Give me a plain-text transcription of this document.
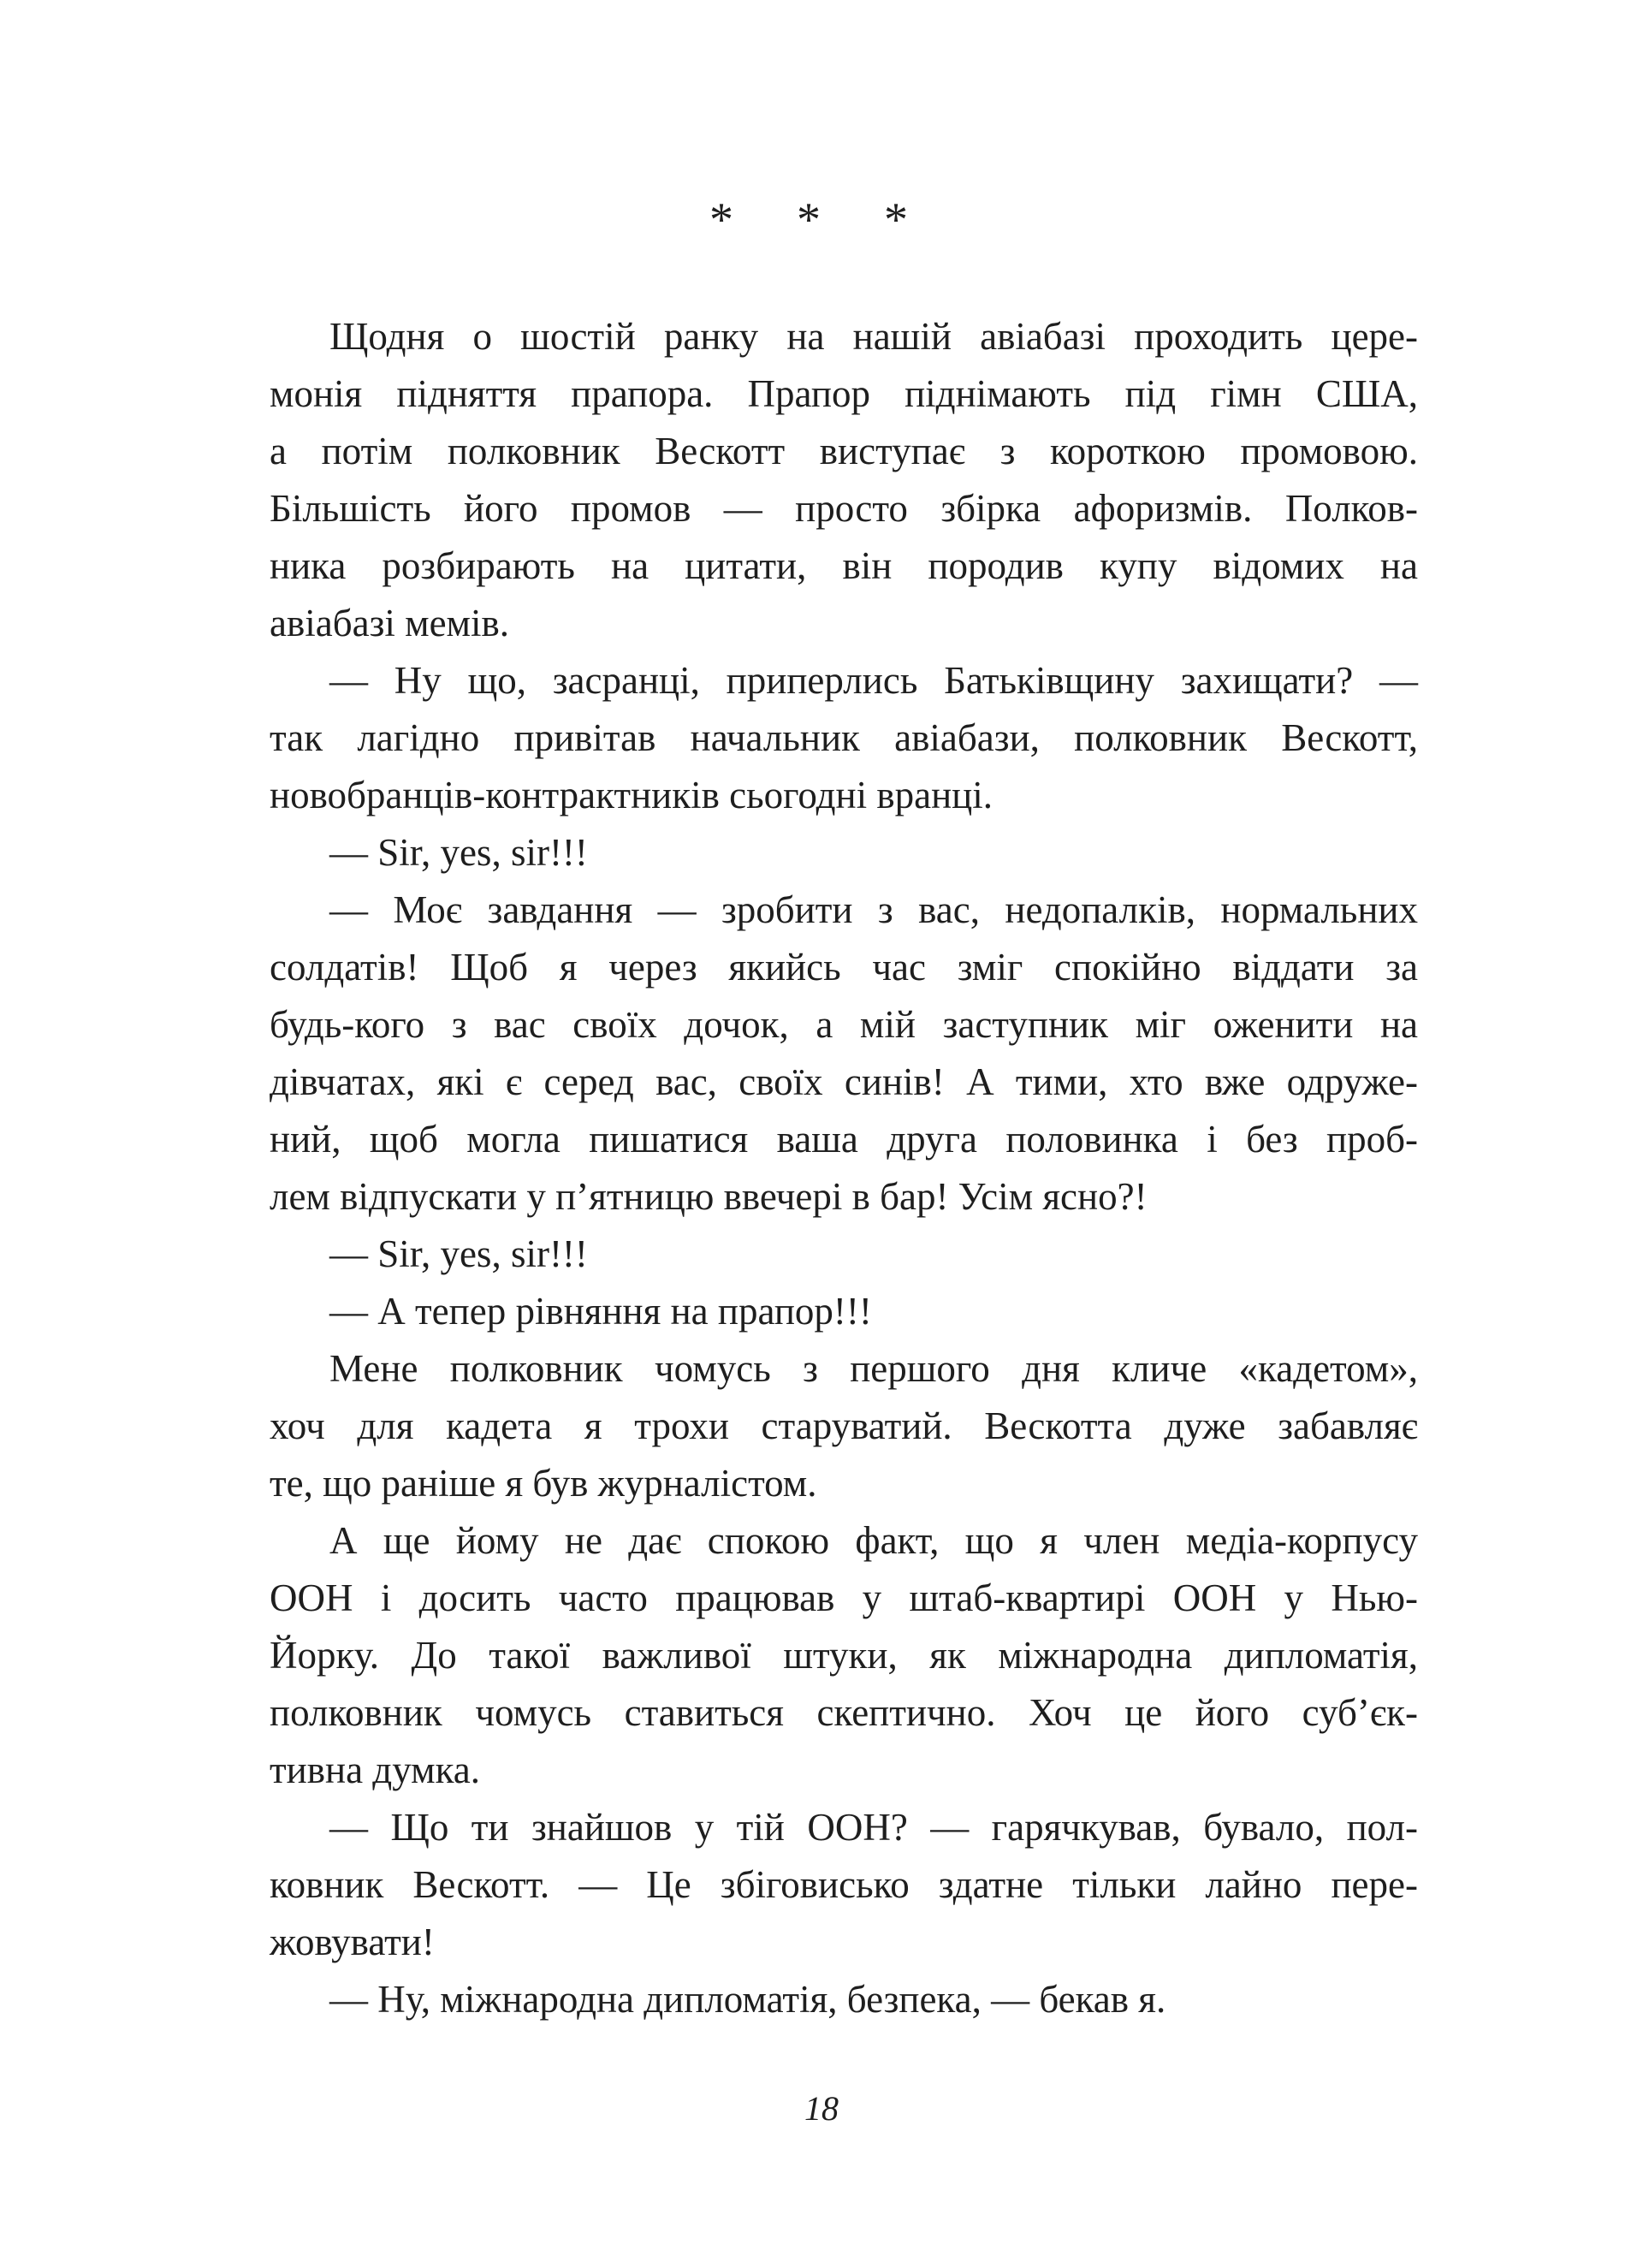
* * *
Щодня о шостій ранку на нашій авіабазі проходить цере-
монія підняття прапора. Прапор піднімають під гімн США,
а потім полковник Вескотт виступає з короткою промовою.
Більшість його промов — просто збірка афоризмів. Полков-
ника розбирають на цитати, він породив купу відомих на
авіабазі мемів.
— Ну що, засранці, приперлись Батьківщину захищати? —
так лагідно привітав начальник авіабази, полковник Вескотт,
новобранців-контрактників сьогодні вранці.
— Sir, yes, sir!!!
— Моє завдання — зробити з вас, недопалків, нормальних
солдатів! Щоб я через якийсь час зміг спокійно віддати за
будь-кого з вас своїх дочок, а мій заступник міг оженити на
дівчатах, які є серед вас, своїх синів! А тими, хто вже одруже-
ний, щоб могла пишатися ваша друга половинка і без проб-
лем відпускати у п’ятницю ввечері в бар! Усім ясно?!
— Sir, yes, sir!!!
— А тепер рівняння на прапор!!!
Мене полковник чомусь з першого дня кличе «кадетом»,
хоч для кадета я трохи старуватий. Вескотта дуже забавляє
те, що раніше я був журналістом.
А ще йому не дає спокою факт, що я член медіа-корпусу
ООН і досить часто працював у штаб-квартирі ООН у Нью-
Йорку. До такої важливої штуки, як міжнародна дипломатія,
полковник чомусь ставиться скептично. Хоч це його суб’єк-
тивна думка.
— Що ти знайшов у тій ООН? — гарячкував, бувало, пол-
ковник Вескотт. — Це збіговисько здатне тільки лайно пере-
жовувати!
— Ну, міжнародна дипломатія, безпека, — бекав я.
18
